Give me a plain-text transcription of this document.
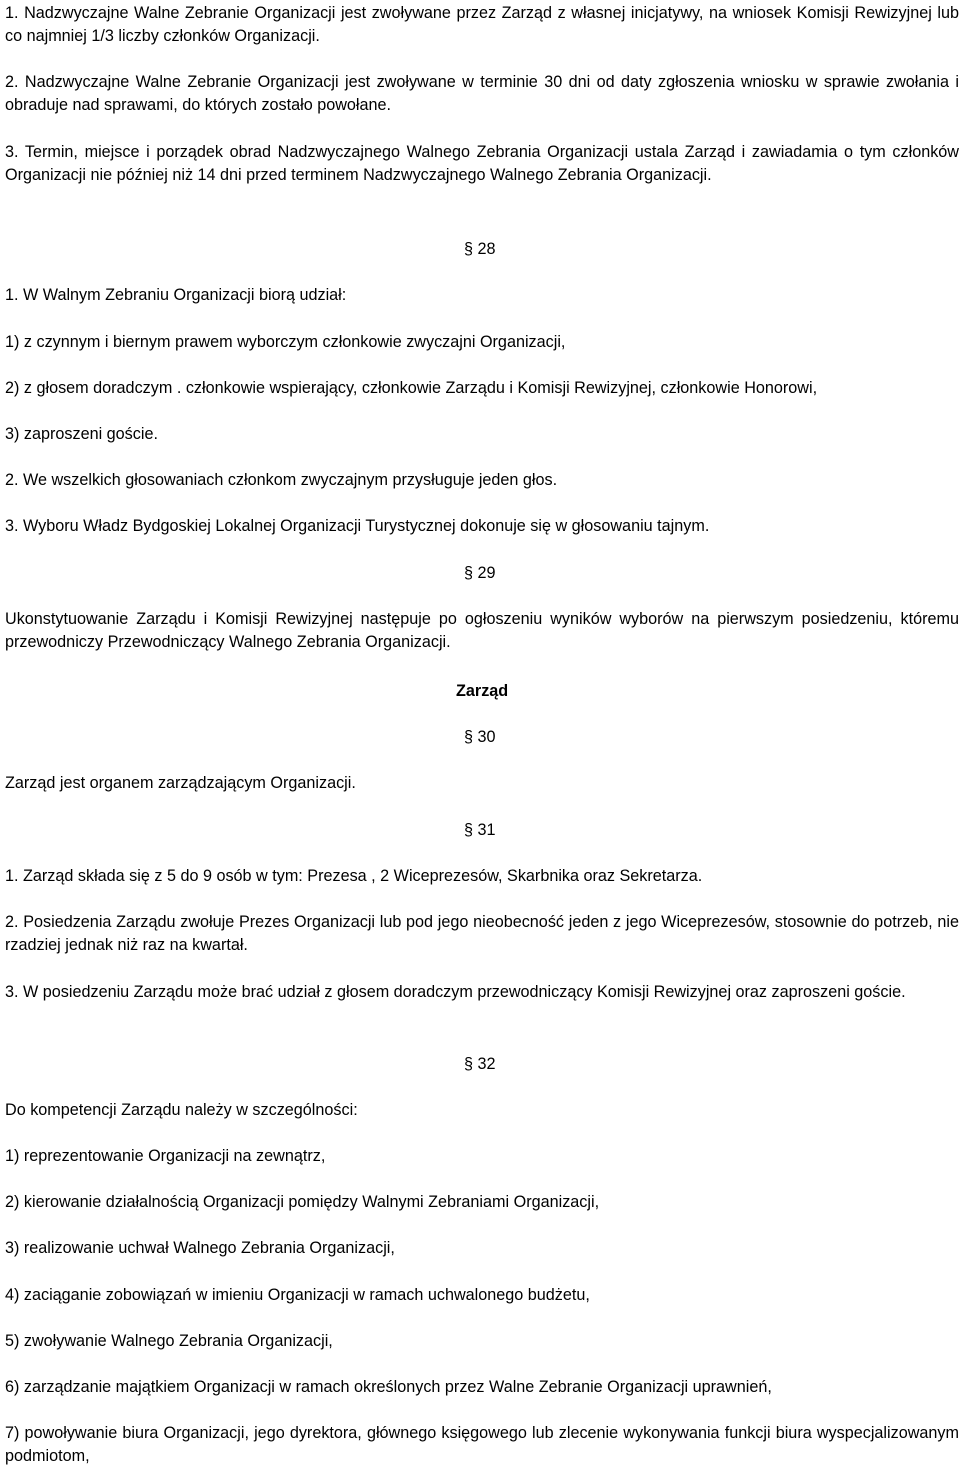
1. Nadzwyczajne Walne Zebranie Organizacji jest zwoływane przez Zarząd z własnej inicjatywy, na wniosek Komisji Rewizyjnej lub co najmniej 1/3 liczby członków Organizacji.

2. Nadzwyczajne Walne Zebranie Organizacji jest zwoływane w terminie 30 dni od daty zgłoszenia wniosku w sprawie zwołania i obraduje nad sprawami, do których zostało powołane.

3. Termin, miejsce i porządek obrad Nadzwyczajnego Walnego Zebrania Organizacji ustala Zarząd i zawiadamia o tym członków Organizacji nie później niż 14 dni przed terminem Nadzwyczajnego Walnego Zebrania Organizacji.

§ 28

1. W Walnym Zebraniu Organizacji biorą udział:

1) z czynnym i biernym prawem wyborczym członkowie zwyczajni Organizacji,

2) z głosem doradczym . członkowie wspierający, członkowie Zarządu i Komisji Rewizyjnej, członkowie Honorowi,

3) zaproszeni goście.

2. We wszelkich głosowaniach członkom zwyczajnym przysługuje jeden głos.

3. Wyboru Władz Bydgoskiej Lokalnej Organizacji Turystycznej dokonuje się w głosowaniu tajnym.

§ 29

Ukonstytuowanie Zarządu i Komisji Rewizyjnej następuje po ogłoszeniu wyników wyborów na pierwszym posiedzeniu, któremu przewodniczy Przewodniczący Walnego Zebrania Organizacji.

Zarząd

§ 30

Zarząd jest organem zarządzającym Organizacji.

§ 31

1. Zarząd składa się z 5 do 9 osób w tym: Prezesa , 2 Wiceprezesów, Skarbnika oraz Sekretarza.

2. Posiedzenia Zarządu zwołuje Prezes Organizacji lub pod jego nieobecność jeden z jego Wiceprezesów, stosownie do potrzeb, nie rzadziej jednak niż raz na kwartał.

3. W posiedzeniu Zarządu może brać udział z głosem doradczym przewodniczący Komisji Rewizyjnej oraz zaproszeni goście.

§ 32

Do kompetencji Zarządu należy w szczególności:

1) reprezentowanie Organizacji na zewnątrz,

2) kierowanie działalnością Organizacji pomiędzy Walnymi Zebraniami Organizacji,

3) realizowanie uchwał Walnego Zebrania Organizacji,

4) zaciąganie zobowiązań w imieniu Organizacji w ramach uchwalonego budżetu,

5) zwoływanie Walnego Zebrania Organizacji,

6) zarządzanie majątkiem Organizacji w ramach określonych przez Walne Zebranie Organizacji uprawnień,

7) powoływanie biura Organizacji, jego dyrektora, głównego księgowego lub zlecenie wykonywania funkcji biura wyspecjalizowanym podmiotom,
